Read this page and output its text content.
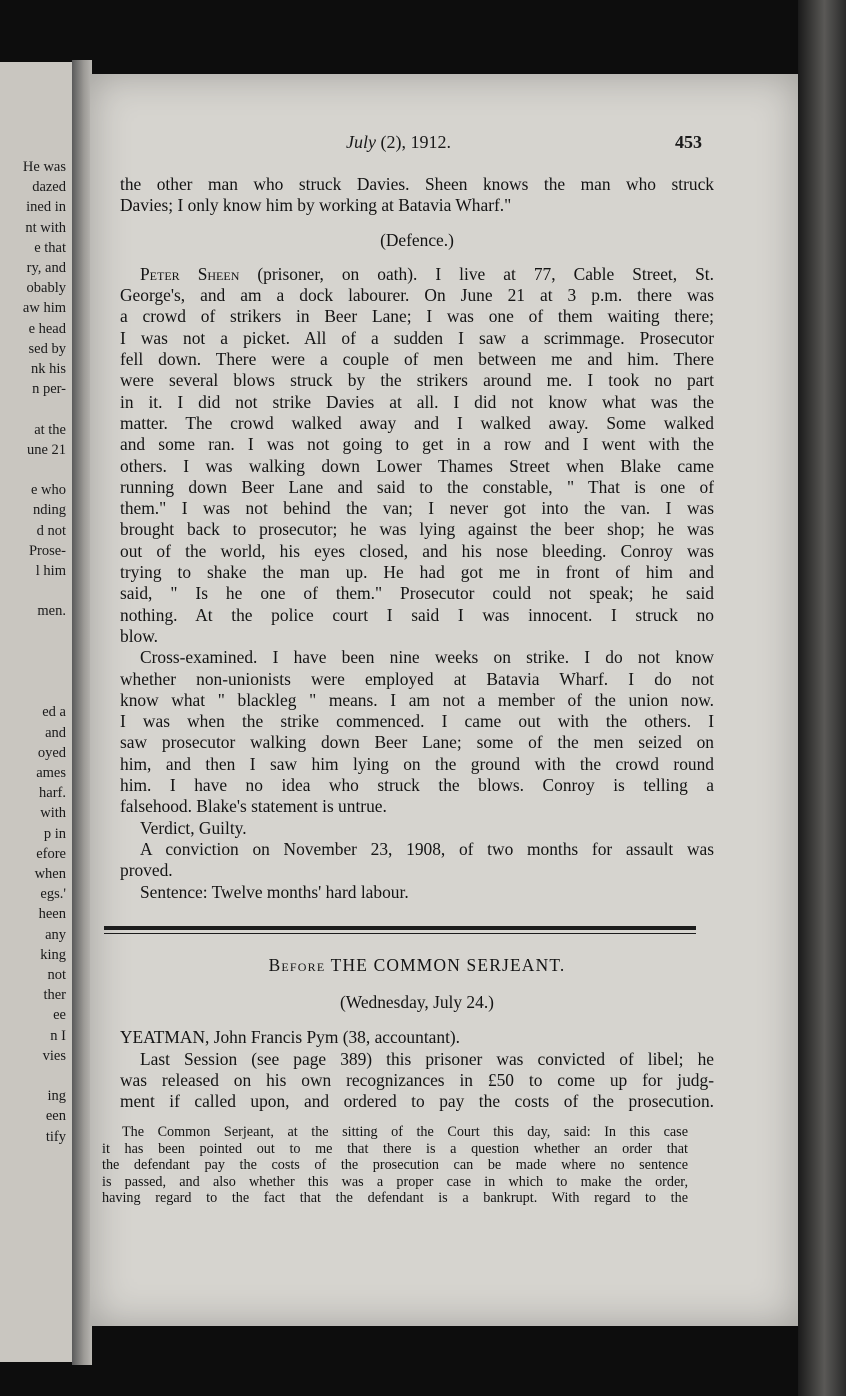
He was
dazed
ined in
nt with
e that
ry, and
obably
aw him
e head
sed by
nk his
n per-
at the
une 21
e who
nding
d not
Prose-
l him
men.
ed a
and
oyed
ames
harf.
with
p in
efore
when
egs.'
heen
any
king
not
ther
ee
n I
vies
ing
een
tify
July (2), 1912.	453
the other man who struck Davies. Sheen knows the man who struck
Davies; I only know him by working at Batavia Wharf."
(Defence.)
Peter Sheen (prisoner, on oath). I live at 77, Cable Street, St.
George's, and am a dock labourer. On June 21 at 3 p.m. there was
a crowd of strikers in Beer Lane; I was one of them waiting there;
I was not a picket. All of a sudden I saw a scrimmage. Prosecutor
fell down. There were a couple of men between me and him. There
were several blows struck by the strikers around me. I took no part
in it. I did not strike Davies at all. I did not know what was the
matter. The crowd walked away and I walked away. Some walked
and some ran. I was not going to get in a row and I went with the
others. I was walking down Lower Thames Street when Blake came
running down Beer Lane and said to the constable, " That is one of
them." I was not behind the van; I never got into the van. I was
brought back to prosecutor; he was lying against the beer shop; he was
out of the world, his eyes closed, and his nose bleeding. Conroy was
trying to shake the man up. He had got me in front of him and
said, " Is he one of them." Prosecutor could not speak; he said
nothing. At the police court I said I was innocent. I struck no
blow.
Cross-examined. I have been nine weeks on strike. I do not know
whether non-unionists were employed at Batavia Wharf. I do not
know what " blackleg " means. I am not a member of the union now.
I was when the strike commenced. I came out with the others. I
saw prosecutor walking down Beer Lane; some of the men seized on
him, and then I saw him lying on the ground with the crowd round
him. I have no idea who struck the blows. Conroy is telling a
falsehood. Blake's statement is untrue.
Verdict, Guilty.
A conviction on November 23, 1908, of two months for assault was
proved.
Sentence: Twelve months' hard labour.
Before THE COMMON SERJEANT.
(Wednesday, July 24.)
YEATMAN, John Francis Pym (38, accountant).
Last Session (see page 389) this prisoner was convicted of libel; he
was released on his own recognizances in £50 to come up for judg-
ment if called upon, and ordered to pay the costs of the prosecution.
The Common Serjeant, at the sitting of the Court this day, said: In this case
it has been pointed out to me that there is a question whether an order that
the defendant pay the costs of the prosecution can be made where no sentence
is passed, and also whether this was a proper case in which to make the order,
having regard to the fact that the defendant is a bankrupt. With regard to the
